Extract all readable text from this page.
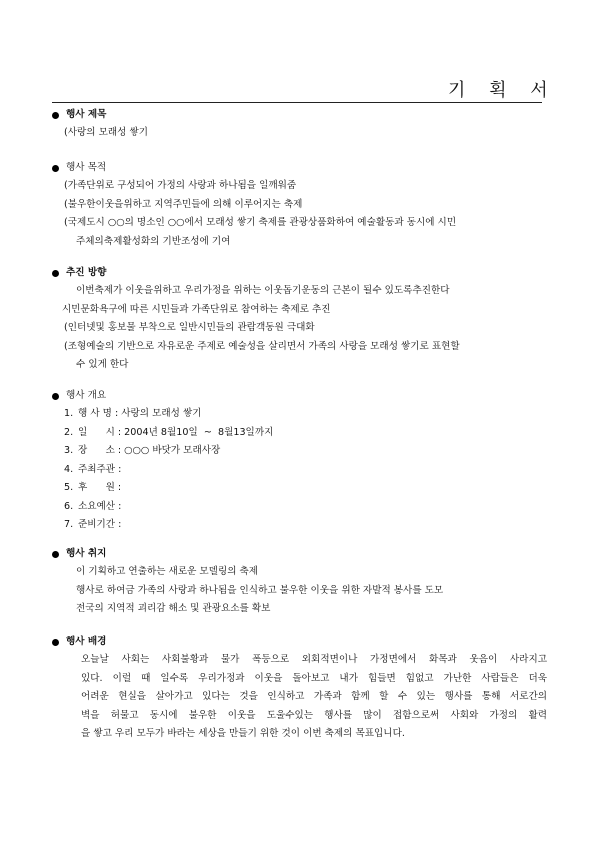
기 획 서
행사 제목
(사랑의 모래성 쌓기
행사 목적
(가족단위로 구성되어 가정의 사랑과 하나됨을 일깨워줌
(불우한이웃을위하고 지역주민들에 의해 이루어지는 축제
(국제도시 ○○의 명소인 ○○에서 모래성 쌓기 축제를 관광상품화하여 예술활동과 동시에 시민
주체의축제활성화의 기반조성에 기여
추진 방향
이번축제가 이웃을위하고 우리가정을 위하는 이웃돕기운동의 근본이 될수 있도록추진한다
시민문화욕구에 따른 시민들과 가족단위로 참여하는 축제로 추진
(인터넷및 홍보물 부착으로 일반시민들의 관람객동원 극대화
(조형예술의 기반으로 자유로운 주제로 예술성을 살리면서 가족의 사랑을 모래성 쌓기로 표현할
수 있게 한다
행사 개요
1. 행 사 명 : 사랑의 모래성 쌓기
2. 일      시 : 2004년 8월10일  ~  8월13일까지
3. 장      소 : ○○○ 바닷가 모래사장
4. 주최주관 :
5. 후      원 :
6. 소요예산 :
7. 준비기간 :
행사 취지
이 기획하고 연출하는 새로운 모델링의 축제
행사로 하여금 가족의 사랑과 하나됨을 인식하고 불우한 이웃을 위한 자발적 봉사를 도모
전국의 지역적 괴리감 해소 및 관광요소를 확보
행사 배경
오늘날 사회는 사회불황과 물가 폭등으로 외회적면이나 가정면에서 화목과 웃음이 사라지고
있다. 이럴 때 일수록 우리가정과 이웃을 돌아보고 내가 힘들면 힘없고 가난한 사람들은 더욱
어려운 현실을 살아가고 있다는 것을 인식하고 가족과 함께 할 수 있는 행사를 통해 서로간의
벽을 허물고 동시에 불우한 이웃을 도울수있는 행사를 많이 접함으로써 사회와 가정의 활력
을 쌓고 우리 모두가 바라는 세상을 만들기 위한 것이 이번 축제의 목표입니다.
